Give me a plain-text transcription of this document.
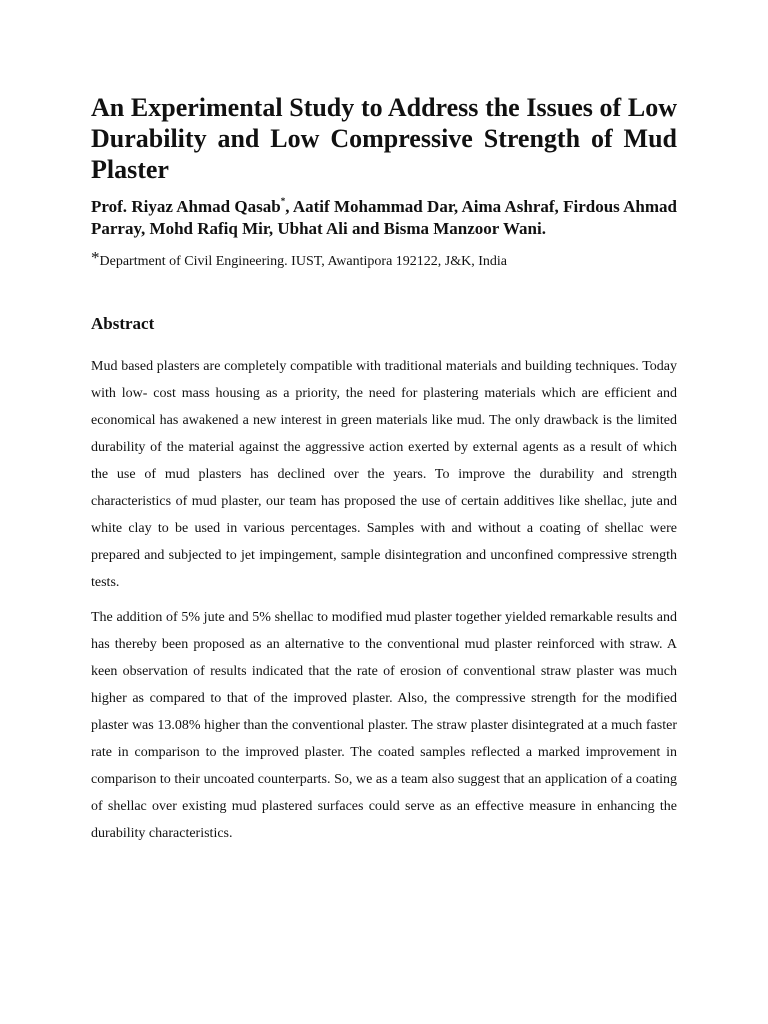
An Experimental Study to Address the Issues of Low Durability and Low Compressive Strength of Mud Plaster
Prof. Riyaz Ahmad Qasab*, Aatif Mohammad Dar, Aima Ashraf, Firdous Ahmad Parray, Mohd Rafiq Mir, Ubhat Ali and Bisma Manzoor Wani.
*Department of Civil Engineering. IUST, Awantipora 192122, J&K, India
Abstract

Mud based plasters are completely compatible with traditional materials and building techniques. Today with low- cost mass housing as a priority, the need for plastering materials which are efficient and economical has awakened a new interest in green materials like mud. The only drawback is the limited durability of the material against the aggressive action exerted by external agents as a result of which the use of mud plasters has declined over the years. To improve the durability and strength characteristics of mud plaster, our team has proposed the use of certain additives like shellac, jute and white clay to be used in various percentages. Samples with and without a coating of shellac were prepared and subjected to jet impingement, sample disintegration and unconfined compressive strength tests.

The addition of 5% jute and 5% shellac to modified mud plaster together yielded remarkable results and has thereby been proposed as an alternative to the conventional mud plaster reinforced with straw. A keen observation of results indicated that the rate of erosion of conventional straw plaster was much higher as compared to that of the improved plaster. Also, the compressive strength for the modified plaster was 13.08% higher than the conventional plaster. The straw plaster disintegrated at a much faster rate in comparison to the improved plaster. The coated samples reflected a marked improvement in comparison to their uncoated counterparts. So, we as a team also suggest that an application of a coating of shellac over existing mud plastered surfaces could serve as an effective measure in enhancing the durability characteristics.
